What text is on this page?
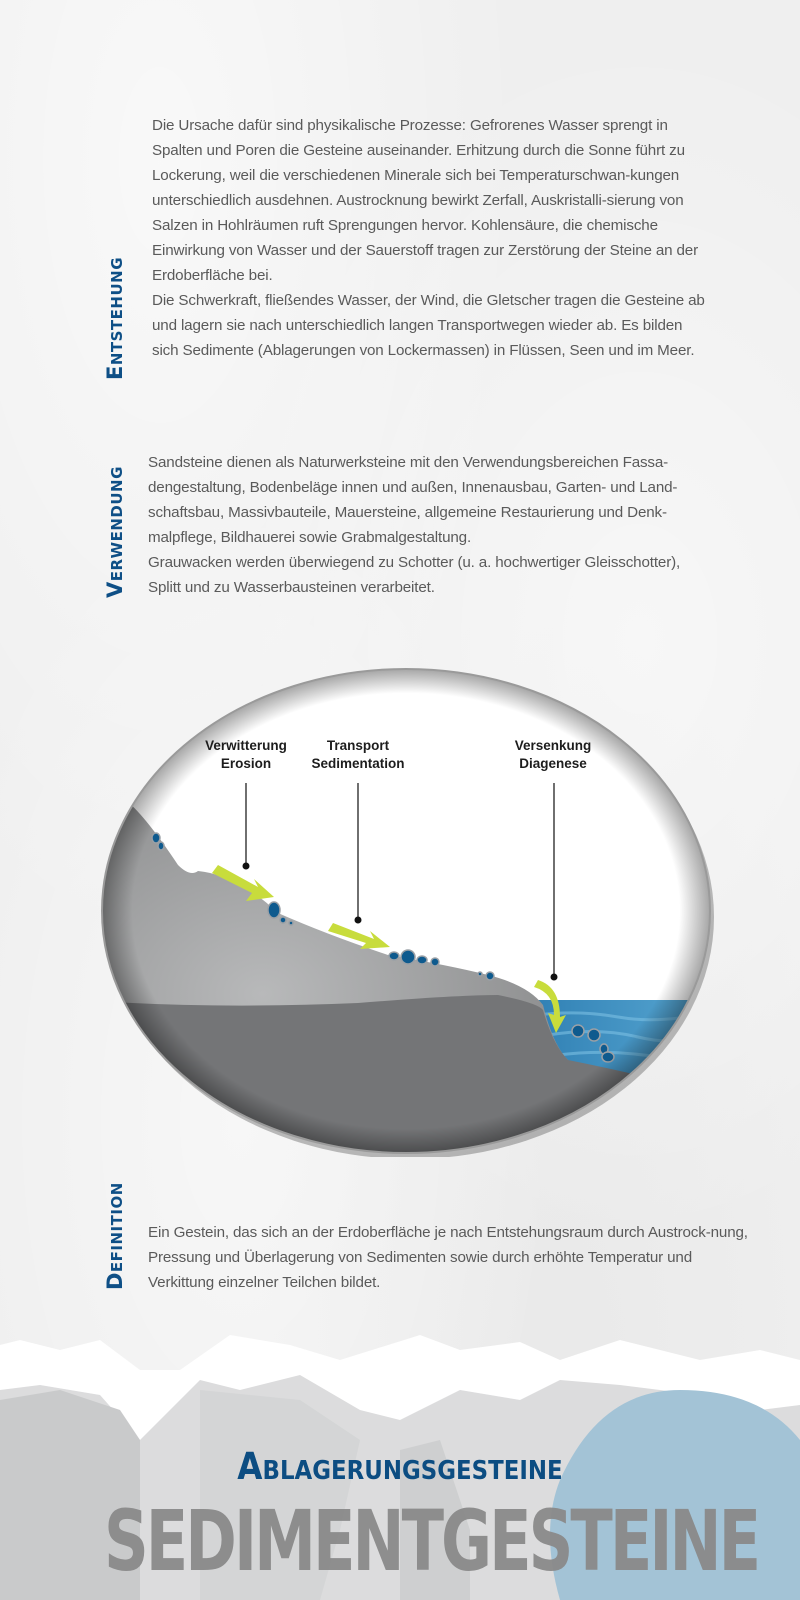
Entstehung

Die Ursache dafür sind physikalische Prozesse: Gefrorenes Wasser sprengt in Spalten und Poren die Gesteine auseinander. Erhitzung durch die Sonne führt zu Lockerung, weil die verschiedenen Minerale sich bei Temperaturschwan-kungen unterschiedlich ausdehnen. Austrocknung bewirkt Zerfall, Auskristalli-sierung von Salzen in Hohlräumen ruft Sprengungen hervor. Kohlensäure, die chemische Einwirkung von Wasser und der Sauerstoff tragen zur Zerstörung der Steine an der Erdoberfläche bei.

Die Schwerkraft, fließendes Wasser, der Wind, die Gletscher tragen die Gesteine ab und lagern sie nach unterschiedlich langen Transportwegen wieder ab. Es bilden sich Sedimente (Ablagerungen von Lockermassen) in Flüssen, Seen und im Meer.

Verwendung

Sandsteine dienen als Naturwerksteine mit den Verwendungsbereichen Fassa-dengestaltung, Bodenbeläge innen und außen, Innenausbau, Garten- und Land-schaftsbau, Massivbauteile, Mauersteine, allgemeine Restaurierung und Denk-malpflege, Bildhauerei sowie Grabmalgestaltung.

Grauwacken werden überwiegend zu Schotter (u. a. hochwertiger Gleisschotter), Splitt und zu Wasserbausteinen verarbeitet.

Verwitterung
Erosion
Transport
Sedimentation
Versenkung
Diagenese
Definition Ein Gestein, das sich an der Erdoberfläche je nach Entstehungsraum durch Austrock-nung, Pressung und Überlagerung von Sedimenten sowie durch erhöhte Temperatur und Verkittung einzelner Teilchen bildet.

Ablagerungsgesteine
SEDIMENTGESTEINE
